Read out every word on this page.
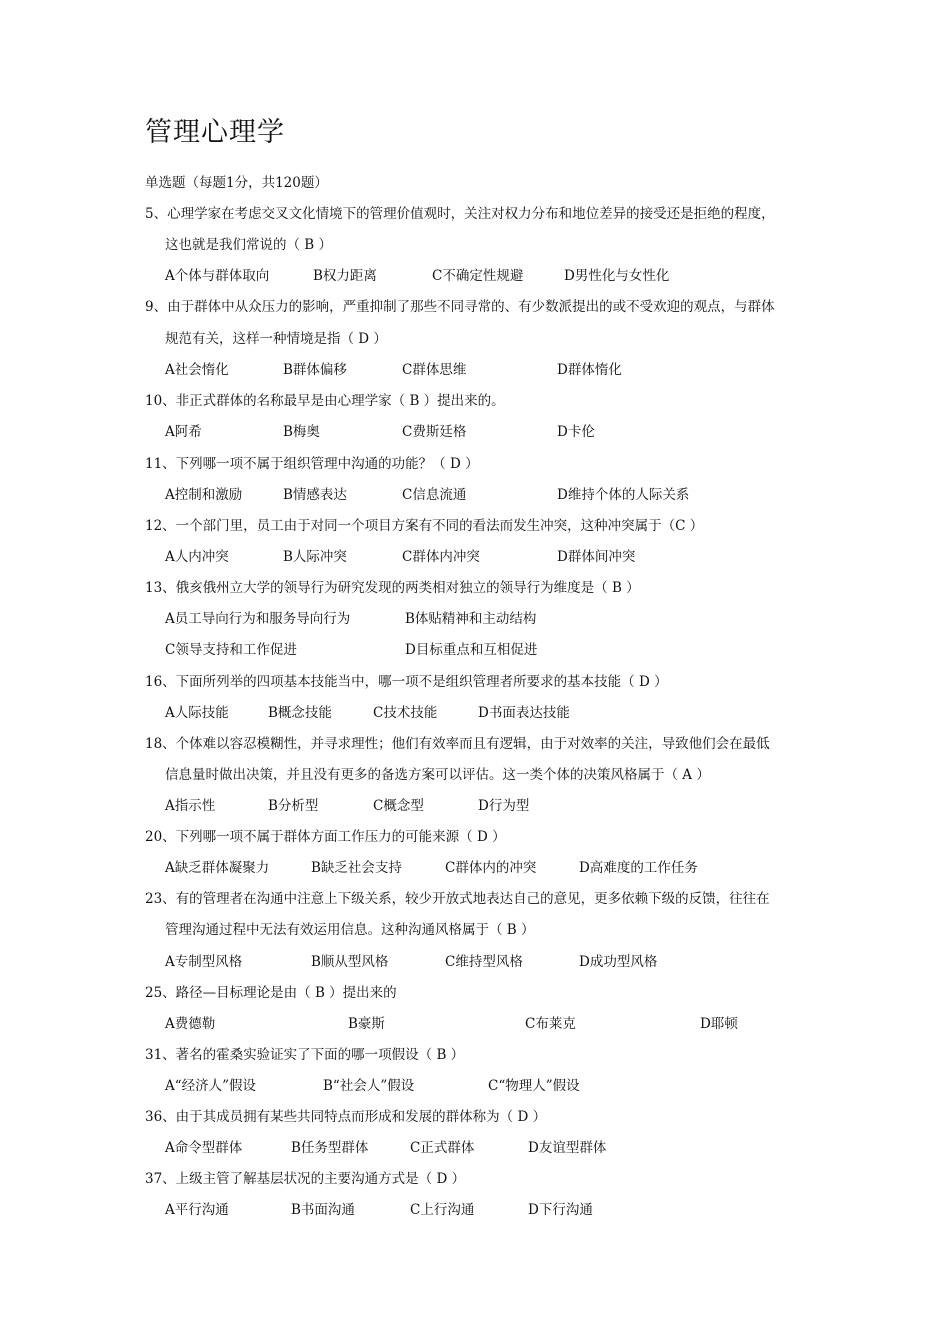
管理心理学
单选题（每题1分，共120题）
5、心理学家在考虑交叉文化情境下的管理价值观时，关注对权力分布和地位差异的接受还是拒绝的程度，
这也就是我们常说的（ B ）
A个体与群体取向	B权力距离	C不确定性规避	D男性化与女性化
9、由于群体中从众压力的影响，严重抑制了那些不同寻常的、有少数派提出的或不受欢迎的观点，与群体
规范有关，这样一种情境是指（ D ）
A社会惰化	B群体偏移	C群体思维	D群体惰化
10、非正式群体的名称最早是由心理学家（ B ）提出来的。
A阿希	B梅奥	C费斯廷格	D卡伦
11、下列哪一项不属于组织管理中沟通的功能？（ D ）
A控制和激励	B情感表达	C信息流通	D维持个体的人际关系
12、一个部门里，员工由于对同一个项目方案有不同的看法而发生冲突，这种冲突属于（C ）
A人内冲突	B人际冲突	C群体内冲突	D群体间冲突
13、俄亥俄州立大学的领导行为研究发现的两类相对独立的领导行为维度是（ B ）
A员工导向行为和服务导向行为	B体贴精神和主动结构
C领导支持和工作促进	D目标重点和互相促进
16、下面所列举的四项基本技能当中，哪一项不是组织管理者所要求的基本技能（ D ）
A人际技能	B概念技能	C技术技能	D书面表达技能
18、个体难以容忍模糊性，并寻求理性；他们有效率而且有逻辑，由于对效率的关注，导致他们会在最低
信息量时做出决策，并且没有更多的备选方案可以评估。这一类个体的决策风格属于（ A ）
A指示性	B分析型	C概念型	D行为型
20、下列哪一项不属于群体方面工作压力的可能来源（ D ）
A缺乏群体凝聚力	B缺乏社会支持	C群体内的冲突	D高难度的工作任务
23、有的管理者在沟通中注意上下级关系，较少开放式地表达自己的意见，更多依赖下级的反馈，往往在
管理沟通过程中无法有效运用信息。这种沟通风格属于（ B ）
A专制型风格	B顺从型风格	C维持型风格	D成功型风格
25、路径—目标理论是由（ B ）提出来的
A费德勒	B豪斯	C布莱克	D耶顿
31、著名的霍桑实验证实了下面的哪一项假设（ B ）
A“经济人”假设	B“社会人”假设	C“物理人”假设
36、由于其成员拥有某些共同特点而形成和发展的群体称为（ D ）
A命令型群体	B任务型群体	C正式群体	D友谊型群体
37、上级主管了解基层状况的主要沟通方式是（ D ）
A平行沟通	B书面沟通	C上行沟通	D下行沟通
